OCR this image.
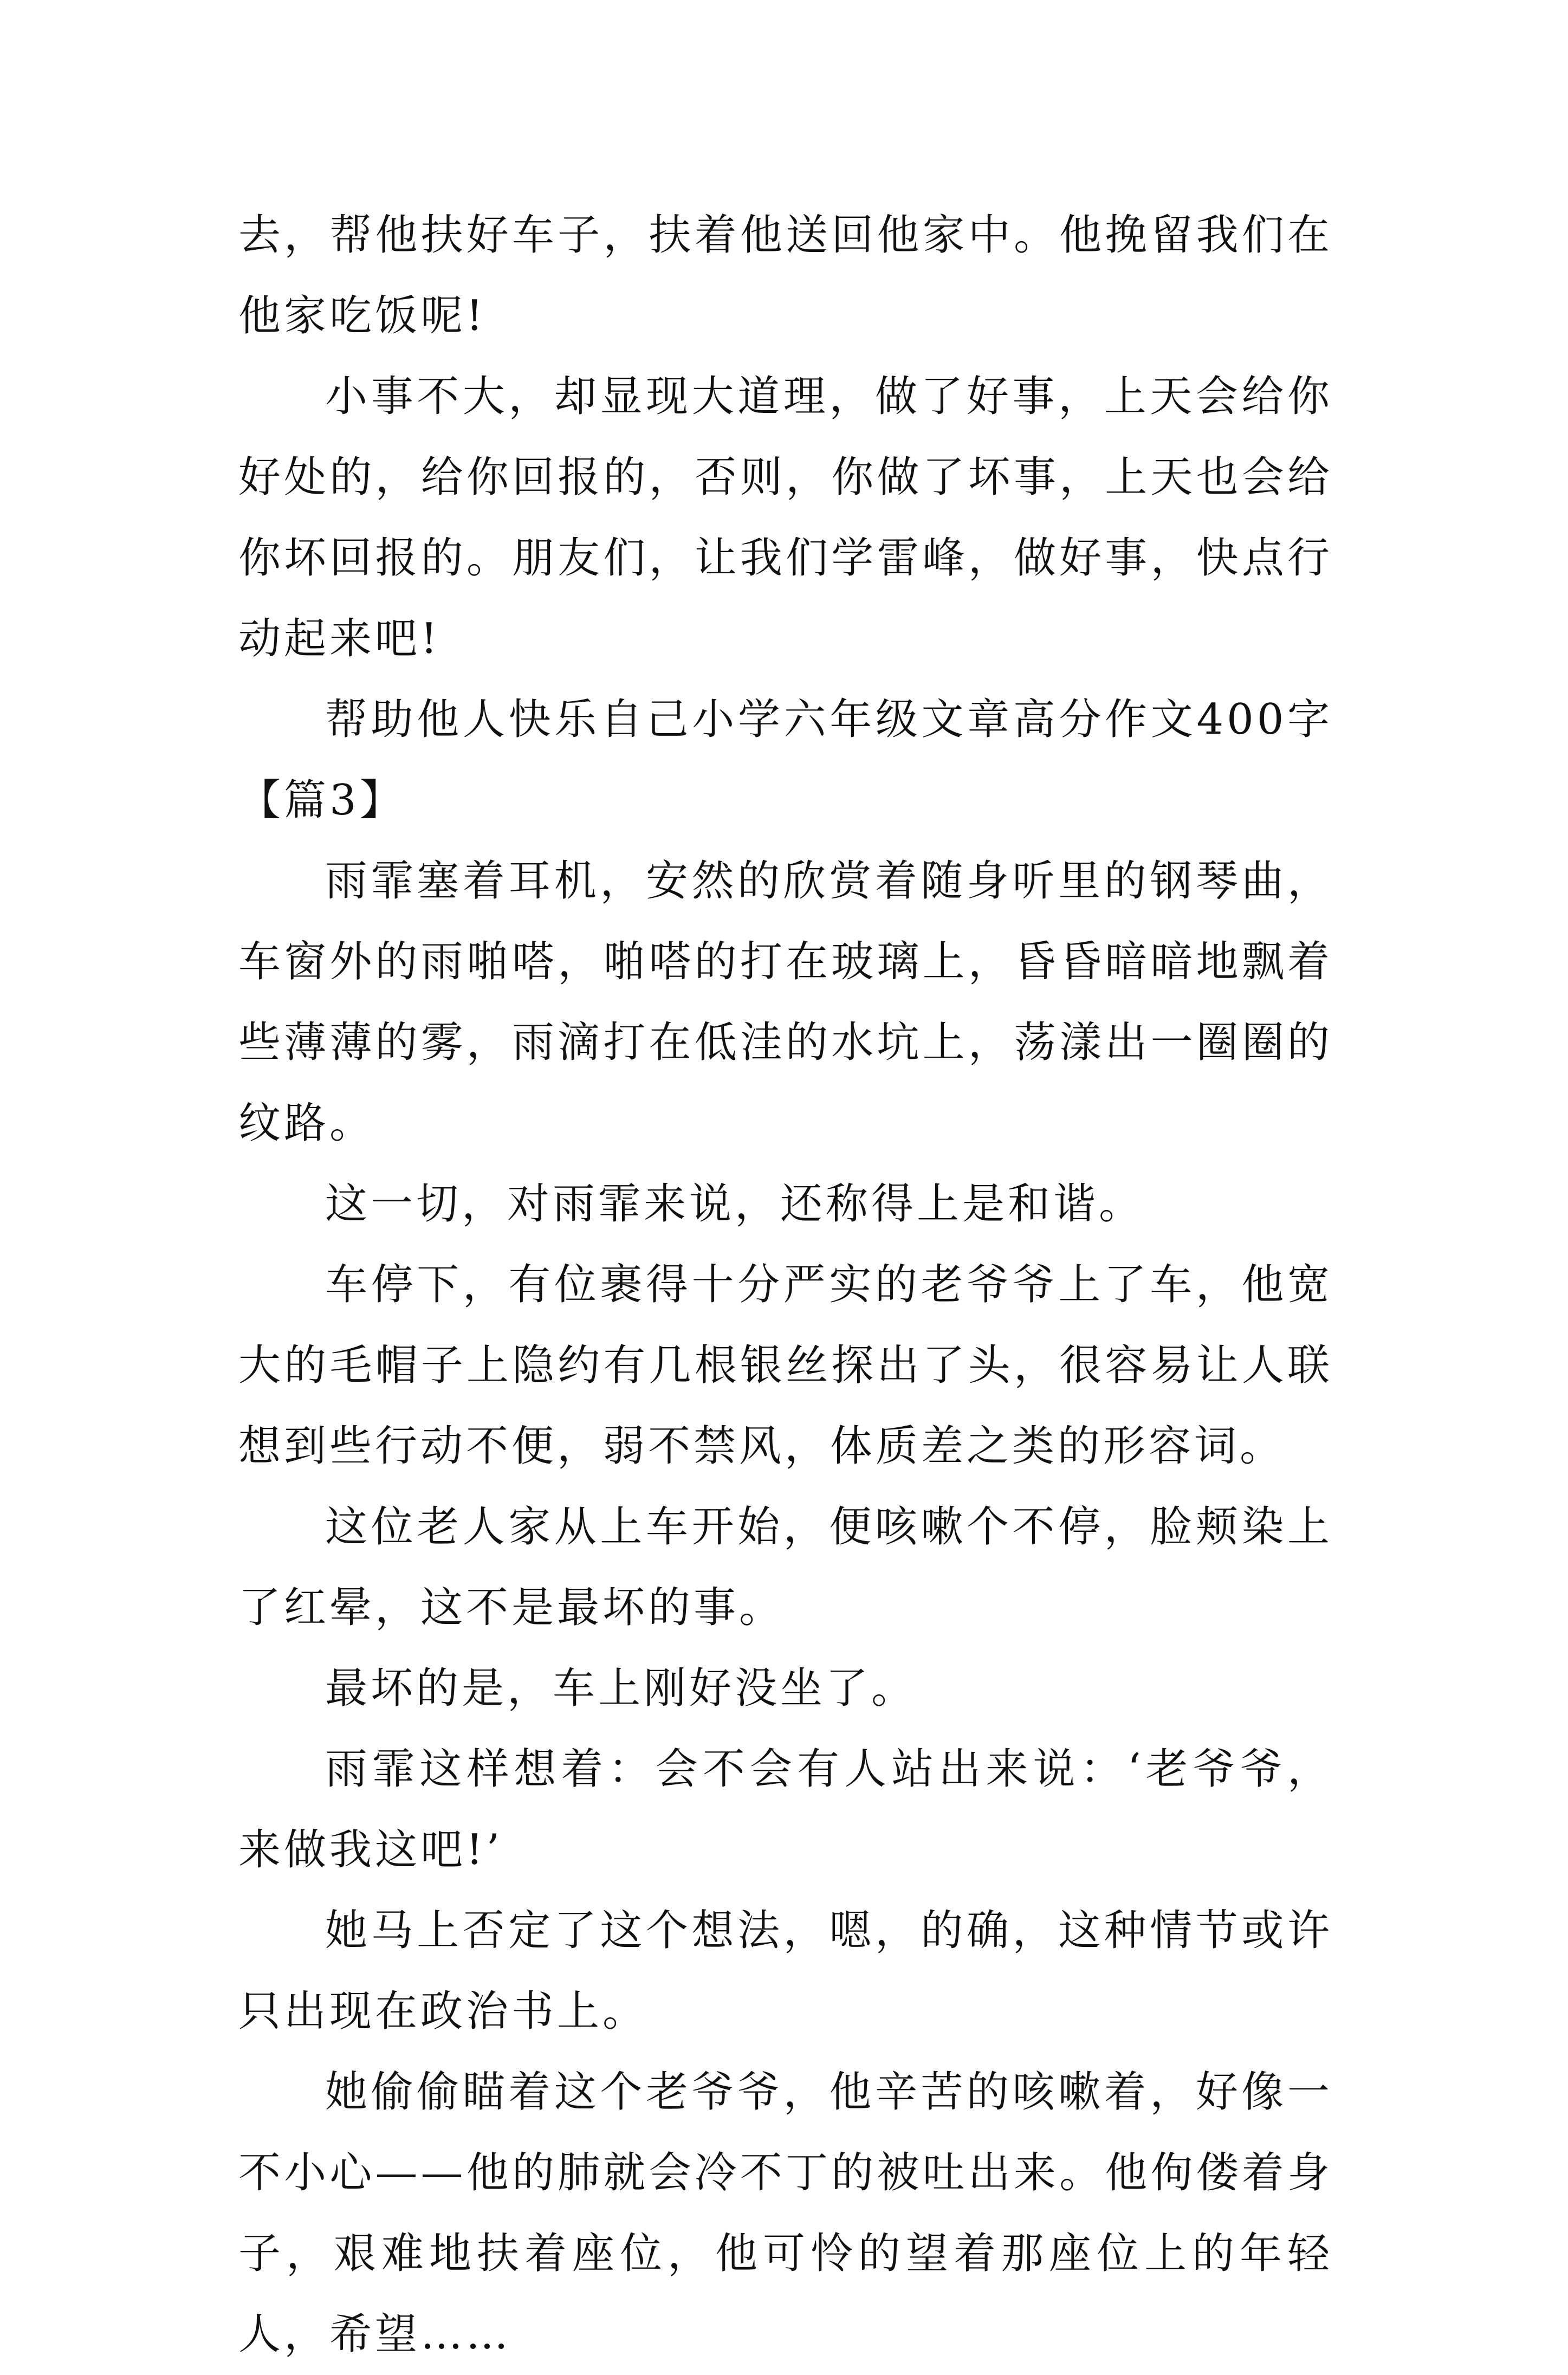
去，帮他扶好车子，扶着他送回他家中。他挽留我们在他家吃饭呢!

小事不大，却显现大道理，做了好事，上天会给你好处的，给你回报的，否则，你做了坏事，上天也会给你坏回报的。朋友们，让我们学雷峰，做好事，快点行动起来吧!

帮助他人快乐自己小学六年级文章高分作文400字【篇3】

雨霏塞着耳机，安然的欣赏着随身听里的钢琴曲，车窗外的雨啪嗒，啪嗒的打在玻璃上，昏昏暗暗地飘着些薄薄的雾，雨滴打在低洼的水坑上，荡漾出一圈圈的纹路。

这一切，对雨霏来说，还称得上是和谐。

车停下，有位裹得十分严实的老爷爷上了车，他宽大的毛帽子上隐约有几根银丝探出了头，很容易让人联想到些行动不便，弱不禁风，体质差之类的形容词。

这位老人家从上车开始，便咳嗽个不停，脸颊染上了红晕，这不是最坏的事。

最坏的是，车上刚好没坐了。

雨霏这样想着：会不会有人站出来说：‘老爷爷，来做我这吧!’

她马上否定了这个想法，嗯，的确，这种情节或许只出现在政治书上。

她偷偷瞄着这个老爷爷，他辛苦的咳嗽着，好像一不小心——他的肺就会冷不丁的被吐出来。他佝偻着身子，艰难地扶着座位，他可怜的望着那座位上的年轻人，希望……
